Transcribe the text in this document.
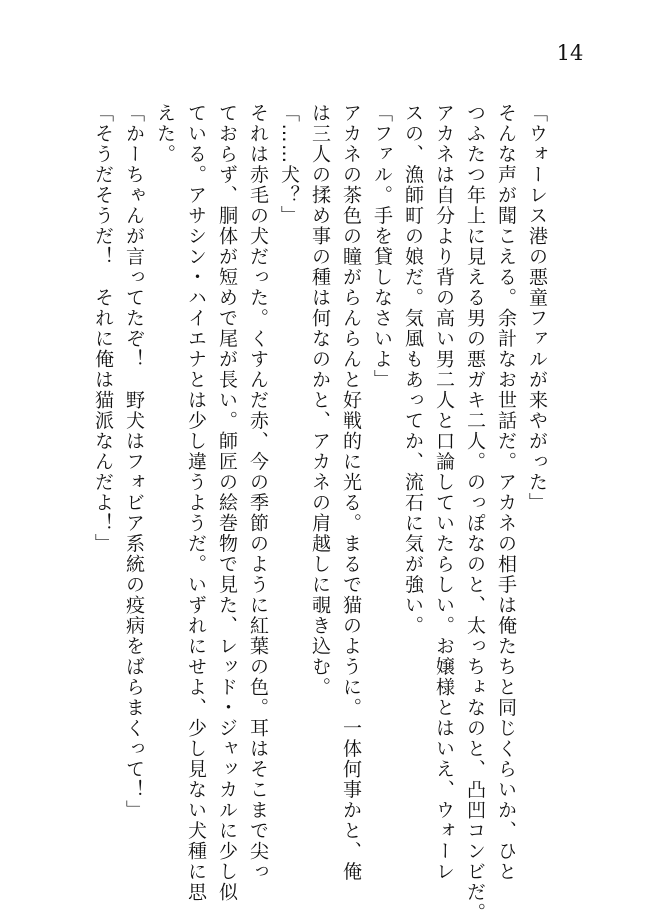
14
「ウォーレス港の悪童ファルが来やがった」
そんな声が聞こえる。余計なお世話だ。アカネの相手は俺たちと同じくらいか、ひと
つふたつ年上に見える男の悪ガキ二人。のっぽなのと、太っちょなのと、凸凹コンビだ。
アカネは自分より背の高い男二人と口論していたらしい。お嬢様とはいえ、ウォーレ
スの、漁師町の娘だ。気風もあってか、流石に気が強い。
「ファル。手を貸しなさいよ」
アカネの茶色の瞳がらんらんと好戦的に光る。まるで猫のように。一体何事かと、俺
は三人の揉め事の種は何なのかと、アカネの肩越しに覗き込む。
「……犬？」
それは赤毛の犬だった。くすんだ赤、今の季節のように紅葉の色。耳はそこまで尖っ
ておらず、胴体が短めで尾が長い。師匠の絵巻物で見た、レッド・ジャッカルに少し似
ている。アサシン・ハイエナとは少し違うようだ。いずれにせよ、少し見ない犬種に思
えた。
「かーちゃんが言ってたぞ！　野犬はフォビア系統の疫病をばらまくって！」
「そうだそうだ！　それに俺は猫派なんだよ！」
